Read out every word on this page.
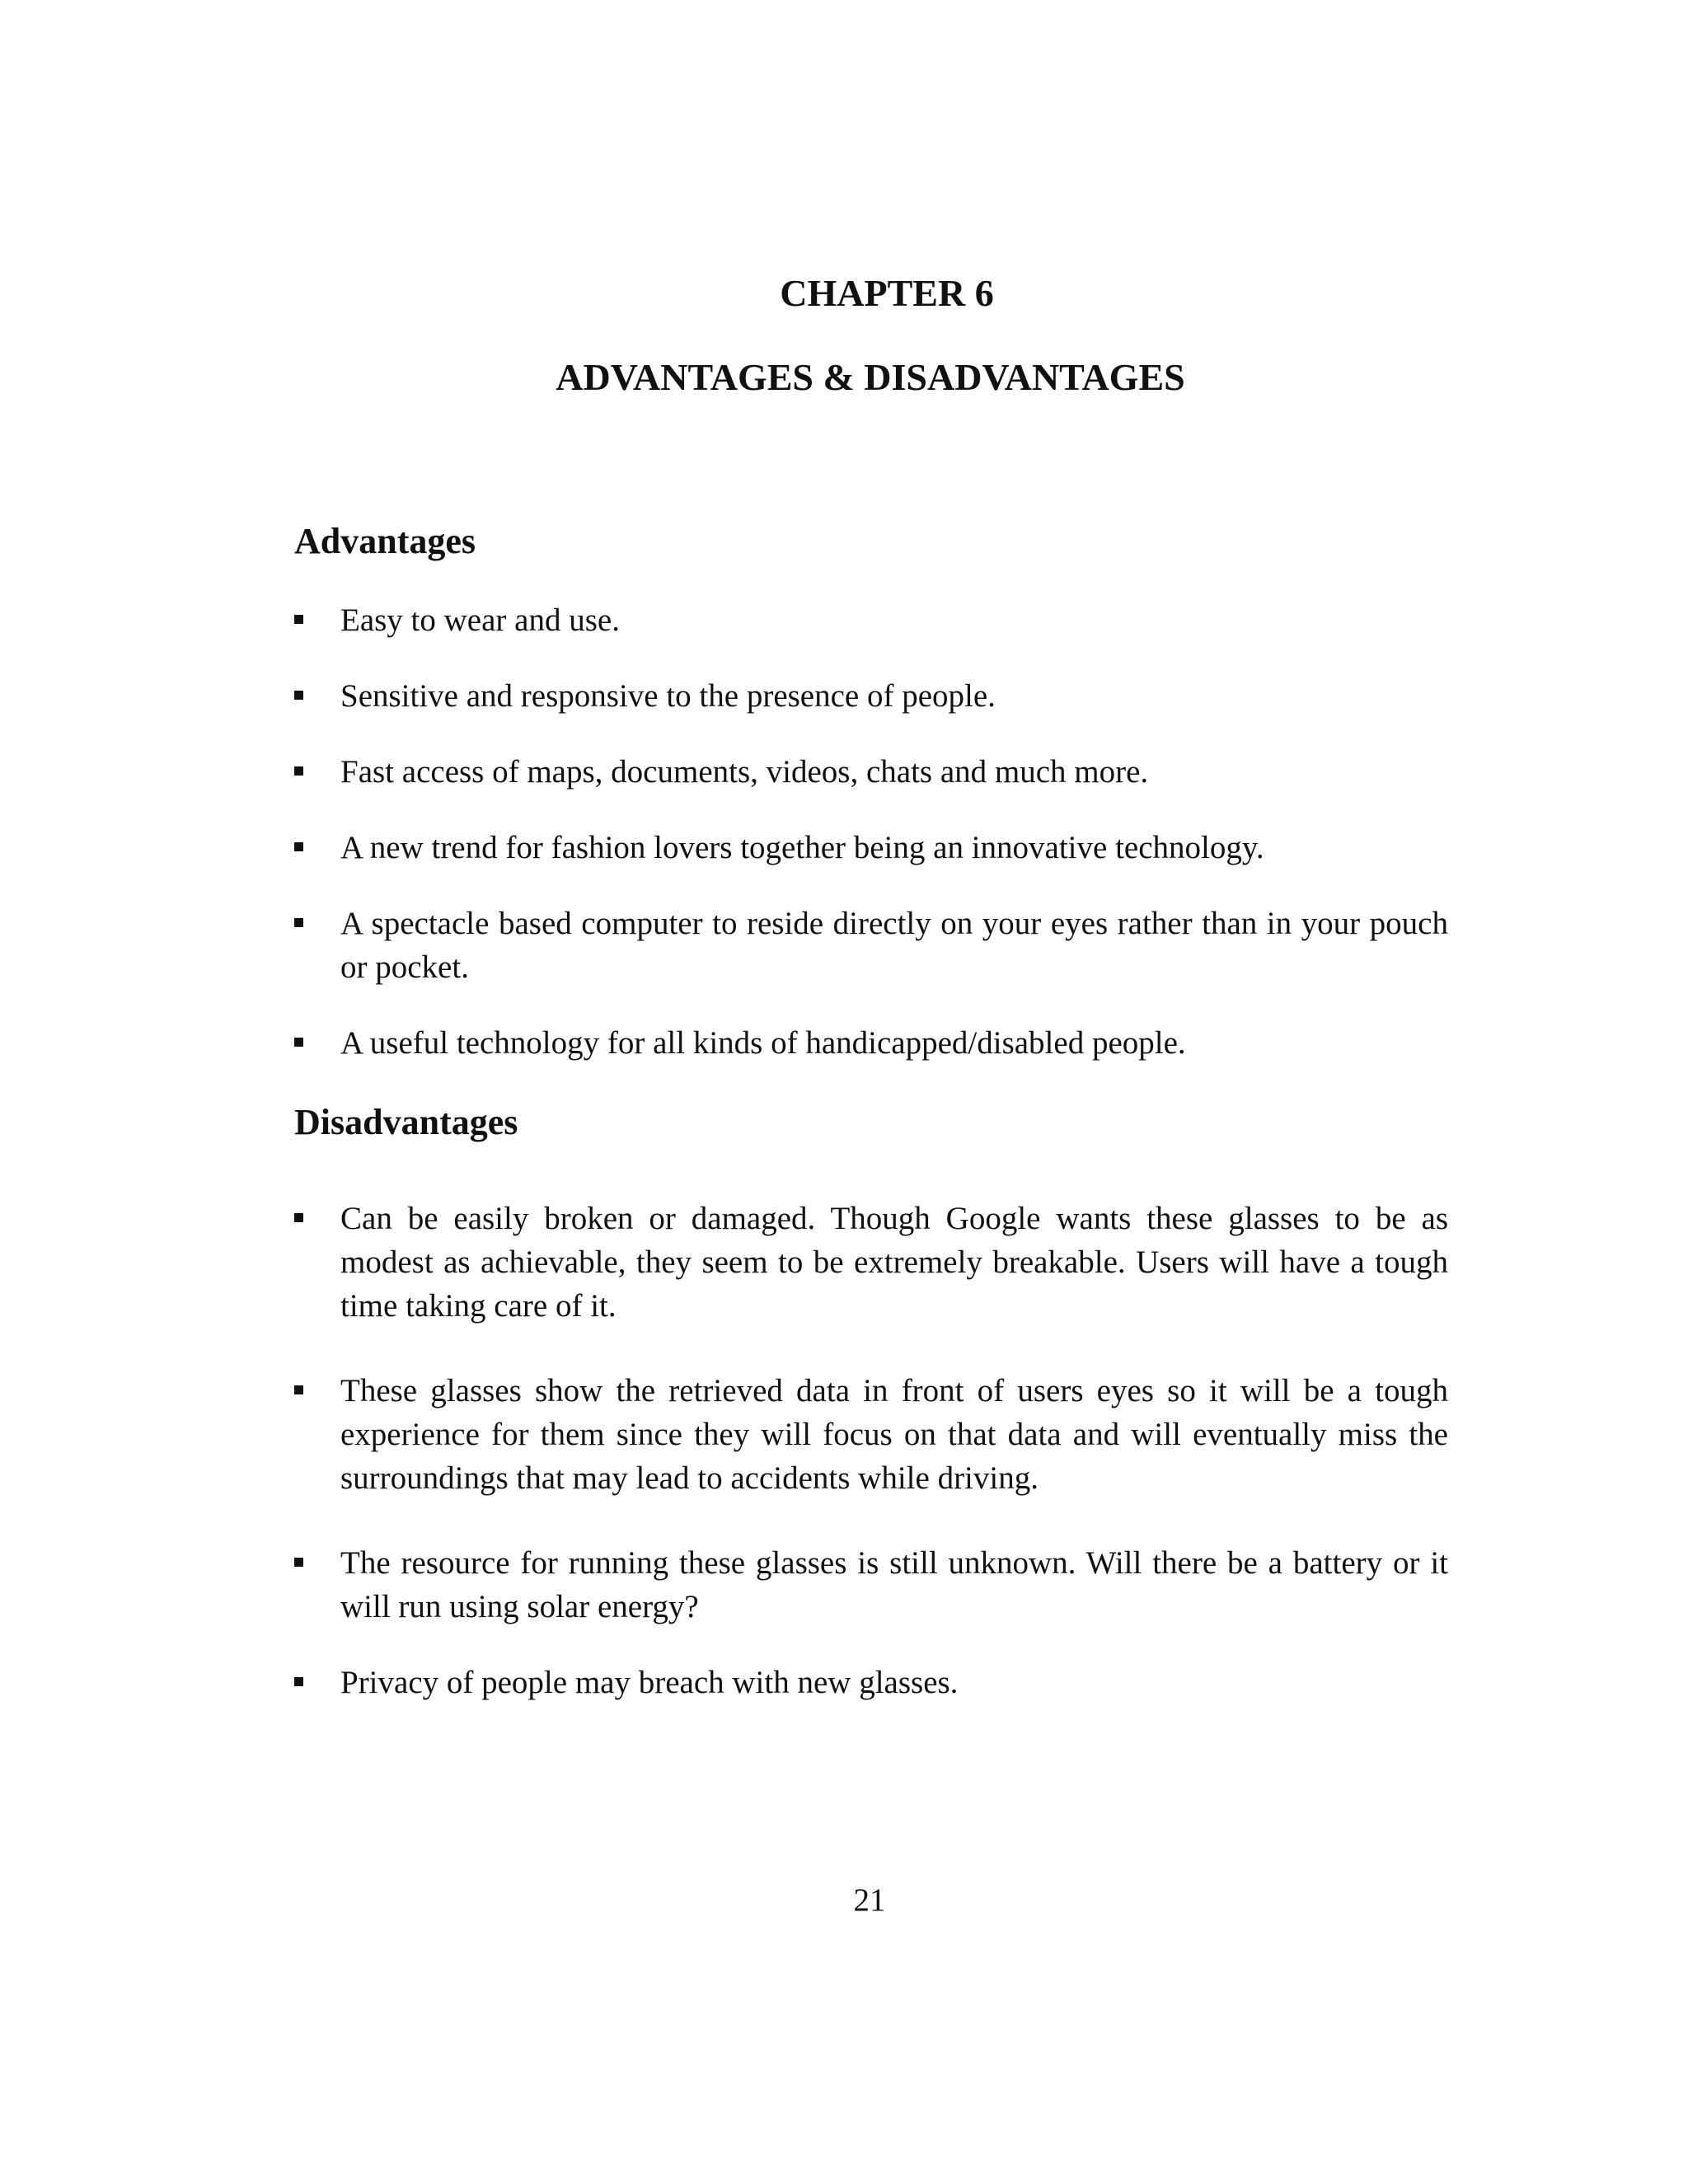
CHAPTER 6
ADVANTAGES & DISADVANTAGES
Advantages
Easy to wear and use.
Sensitive and responsive to the presence of people.
Fast access of maps, documents, videos, chats and much more.
A new trend for fashion lovers together being an innovative technology.
A spectacle based computer to reside directly on your eyes rather than in your pouch or pocket.
A useful technology for all kinds of handicapped/disabled people.
Disadvantages
Can be easily broken or damaged. Though Google wants these glasses to be as modest as achievable, they seem to be extremely breakable. Users will have a tough time taking care of it.
These glasses show the retrieved data in front of users eyes so it will be a tough experience for them since they will focus on that data and will eventually miss the surroundings that may lead to accidents while driving.
The resource for running these glasses is still unknown. Will there be a battery or it will run using solar energy?
Privacy of people may breach with new glasses.
21
